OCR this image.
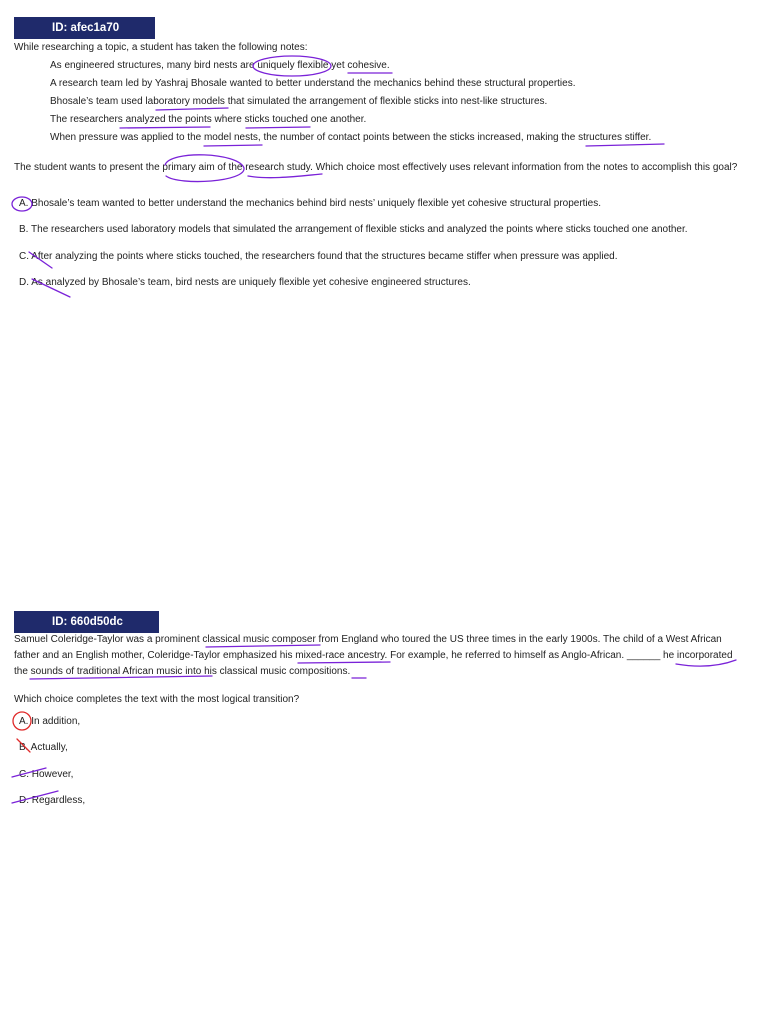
ID: afec1a70
While researching a topic, a student has taken the following notes:
As engineered structures, many bird nests are uniquely flexible yet cohesive.
A research team led by Yashraj Bhosale wanted to better understand the mechanics behind these structural properties.
Bhosale’s team used laboratory models that simulated the arrangement of flexible sticks into nest-like structures.
The researchers analyzed the points where sticks touched one another.
When pressure was applied to the model nests, the number of contact points between the sticks increased, making the structures stiffer.
The student wants to present the primary aim of the research study. Which choice most effectively uses relevant information from the notes to accomplish this goal?
A. Bhosale’s team wanted to better understand the mechanics behind bird nests’ uniquely flexible yet cohesive structural properties.
B. The researchers used laboratory models that simulated the arrangement of flexible sticks and analyzed the points where sticks touched one another.
C. After analyzing the points where sticks touched, the researchers found that the structures became stiffer when pressure was applied.
D. As analyzed by Bhosale’s team, bird nests are uniquely flexible yet cohesive engineered structures.
ID: 660d50dc
Samuel Coleridge-Taylor was a prominent classical music composer from England who toured the US three times in the early 1900s. The child of a West African father and an English mother, Coleridge-Taylor emphasized his mixed-race ancestry. For example, he referred to himself as Anglo-African. ______ he incorporated the sounds of traditional African music into his classical music compositions.
Which choice completes the text with the most logical transition?
A. In addition,
B. Actually,
C. However,
D. Regardless,
